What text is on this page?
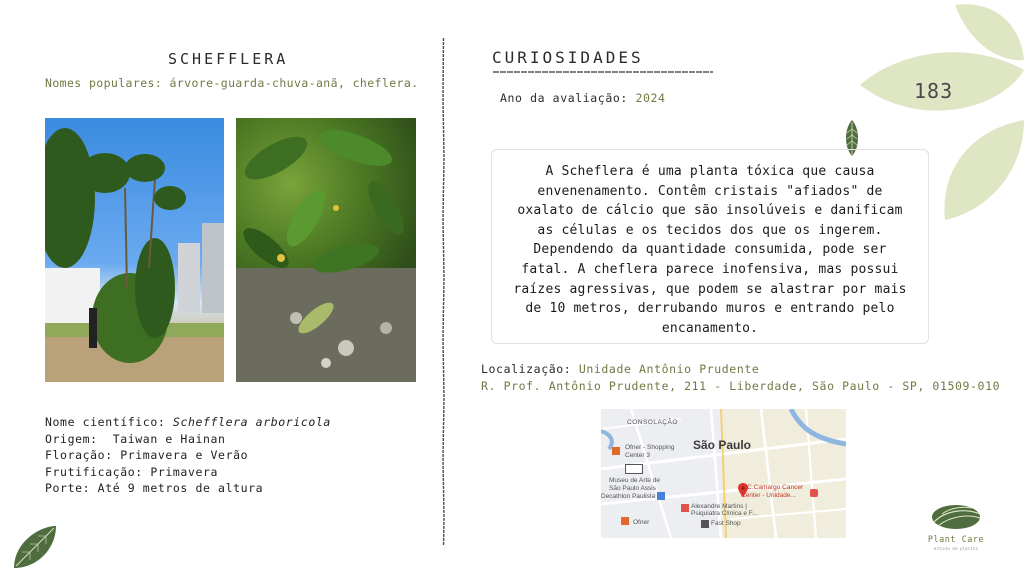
SCHEFFLERA
Nomes populares: árvore-guarda-chuva-anã, cheflera.
Nome científico: Schefflera arboricola
Origem:  Taiwan e Hainan
Floração: Primavera e Verão
Frutificação: Primavera
Porte: Até 9 metros de altura
CURIOSIDADES
Ano da avaliação: 2024
A Scheflera é uma planta tóxica que causa envenenamento. Contêm cristais "afiados" de oxalato de cálcio que são insolúveis e danificam as células e os tecidos dos que os ingerem. Dependendo da quantidade consumida, pode ser fatal. A cheflera parece inofensiva, mas possui raízes agressivas, que podem se alastrar por mais de 10 metros, derrubando muros e entrando pelo encanamento.
Localização: Unidade Antônio Prudente
R. Prof. Antônio Prudente, 211 - Liberdade, São Paulo - SP, 01509-010
CONSOLAÇÃO
São Paulo
Ofner - Shopping
Center 3
Museu de Arte de
São Paulo Assis
Decathlon Paulista
Alexandre Martins |
Psiquiatra Clínica e F...
A.C.Camargo Cancer
Center - Unidade...
Ofner	Fast Shop
183
Plant Care
estudo de plantas
